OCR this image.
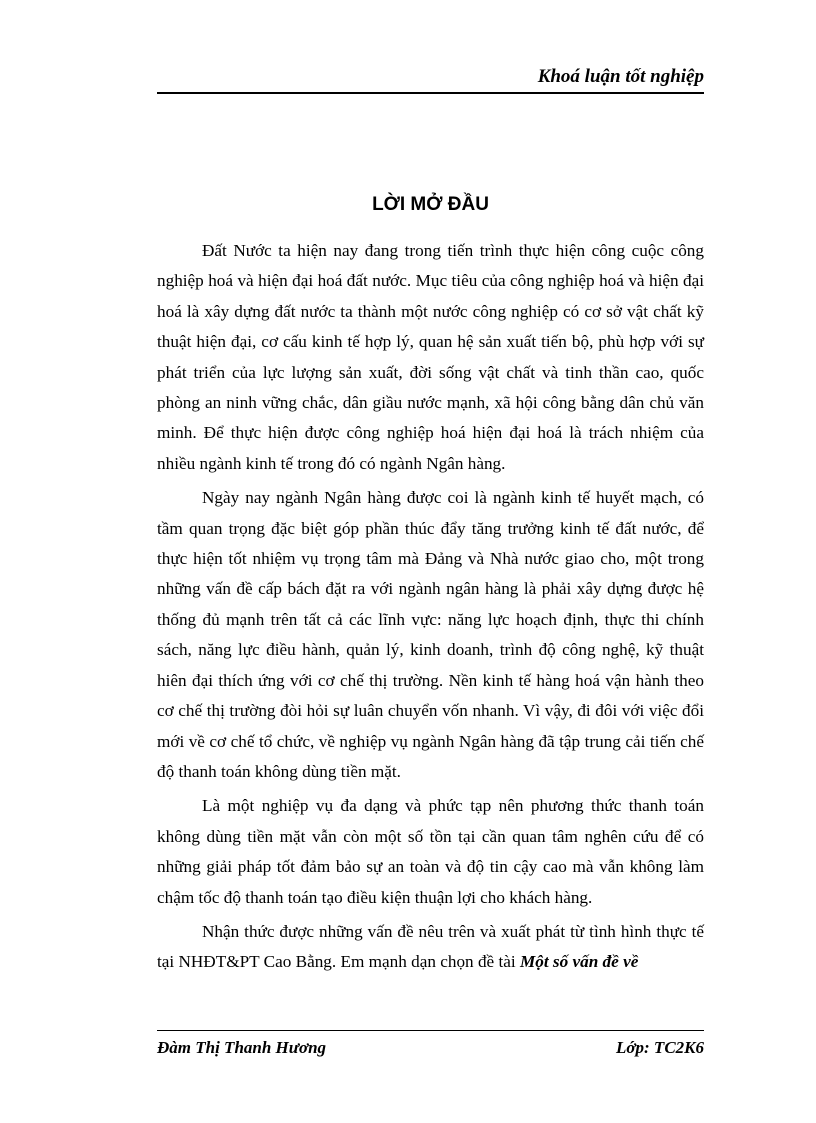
Khoá luận tốt nghiệp
LỜI MỞ ĐẦU

Đất Nước ta hiện nay đang trong tiến trình thực hiện công cuộc công nghiệp hoá và hiện đại hoá đất nước. Mục tiêu của công nghiệp hoá và hiện đại hoá là xây dựng đất nước ta thành một nước công nghiệp có cơ sở vật chất kỹ thuật hiện đại, cơ cấu kinh tế hợp lý, quan hệ sản xuất tiến bộ, phù hợp với sự phát triển của lực lượng sản xuất, đời sống vật chất và tinh thần cao, quốc phòng an ninh vững chắc, dân giầu nước mạnh, xã hội công bằng dân chủ văn minh. Để thực hiện được công nghiệp hoá hiện đại hoá là trách nhiệm của nhiều ngành kinh tế trong đó có ngành Ngân hàng.

Ngày nay ngành Ngân hàng được coi là ngành kinh tế huyết mạch, có tầm quan trọng đặc biệt góp phần thúc đẩy tăng trưởng kinh tế đất nước, để thực hiện tốt nhiệm vụ trọng tâm mà Đảng và Nhà nước giao cho, một trong những vấn đề cấp bách đặt ra với ngành ngân hàng là phải xây dựng được hệ thống đủ mạnh trên tất cả các lĩnh vực: năng lực hoạch định, thực thi chính sách, năng lực điều hành, quản lý, kinh doanh, trình độ công nghệ, kỹ thuật hiên đại thích ứng với cơ chế thị trường. Nền kinh tế hàng hoá vận hành theo cơ chế thị trường đòi hỏi sự luân chuyển vốn nhanh. Vì vậy, đi đôi với việc đổi mới về cơ chế tổ chức, về nghiệp vụ ngành Ngân hàng đã tập trung cải tiến chế độ thanh toán không dùng tiền mặt.

Là một nghiệp vụ đa dạng và phức tạp nên phương thức thanh toán không dùng tiền mặt vẫn còn một số tồn tại cần quan tâm nghên cứu để có những giải pháp tốt đảm bảo sự an toàn và độ tin cậy cao mà vẫn không làm chậm tốc độ thanh toán tạo điều kiện thuận lợi cho khách hàng.

Nhận thức được những vấn đề nêu trên và xuất phát từ tình hình thực tế tại NHĐT&PT Cao Bằng. Em mạnh dạn chọn đề tài Một số vấn đề về

Đàm Thị Thanh Hương	Lớp: TC2K6
